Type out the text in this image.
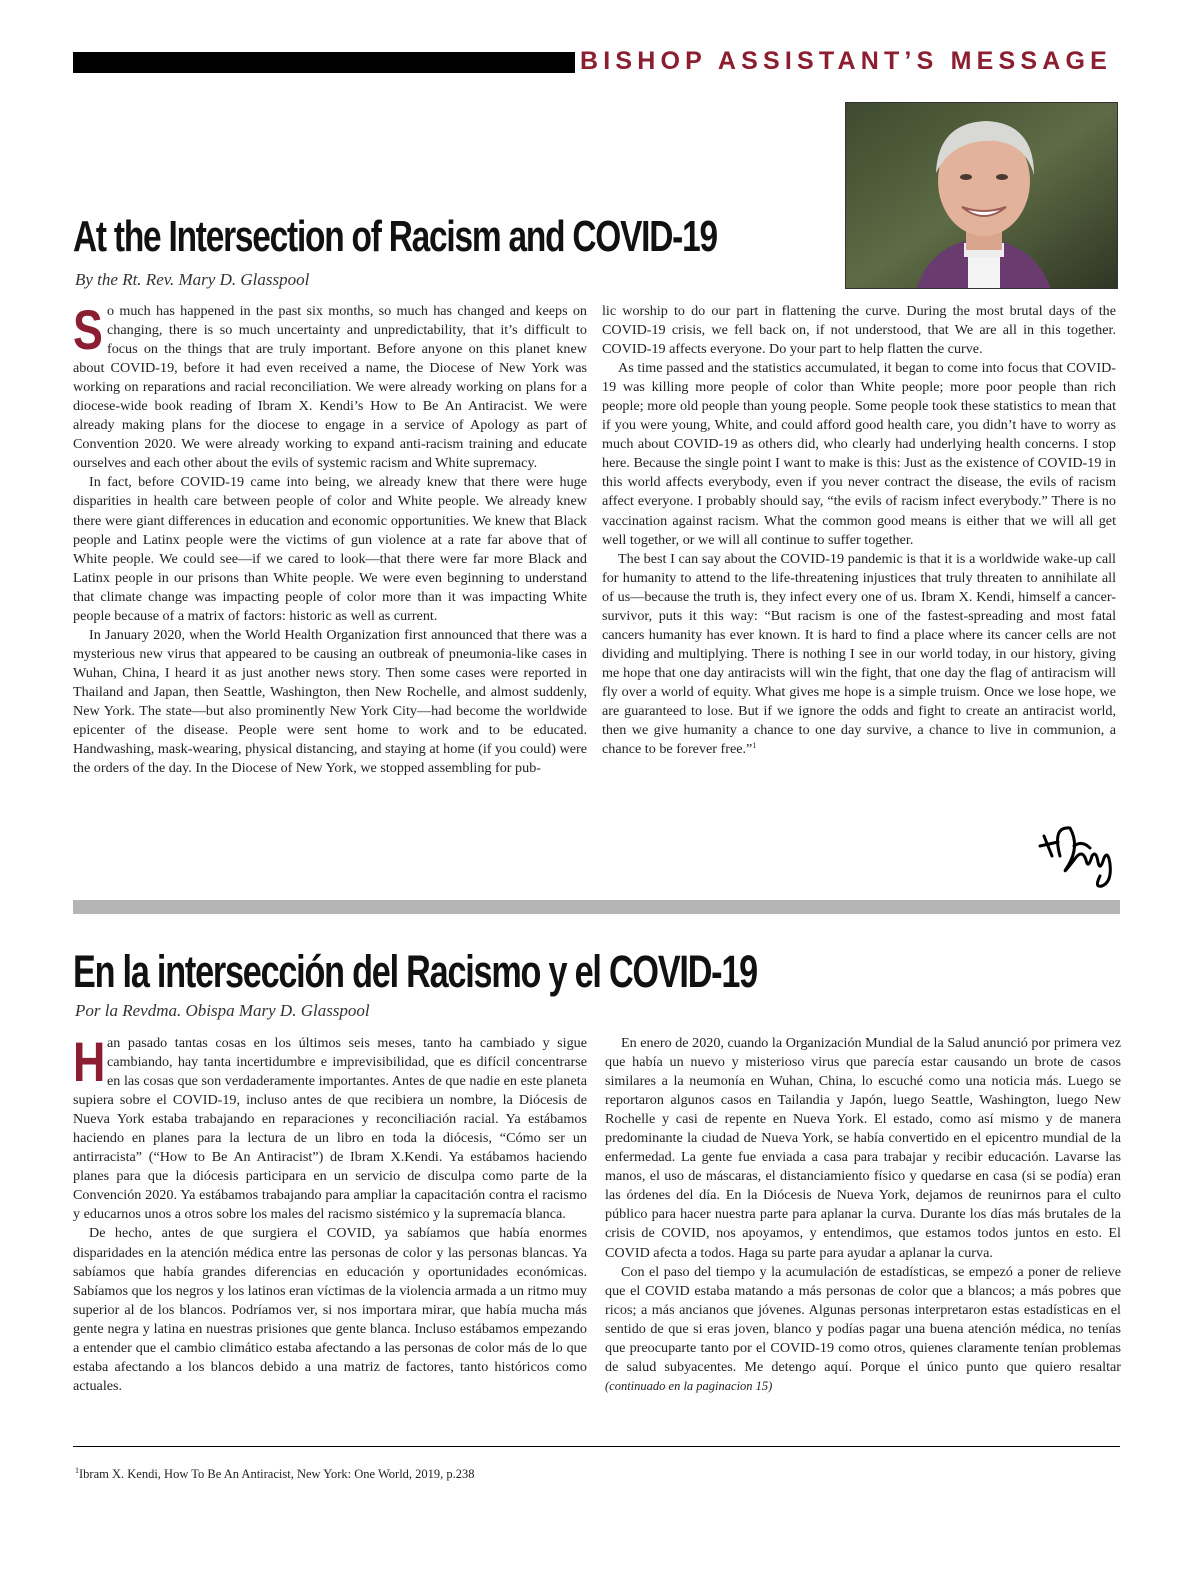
BISHOP ASSISTANT’S MESSAGE
At the Intersection of Racism and COVID-19
By the Rt. Rev. Mary D. Glasspool

So much has happened in the past six months, so much has changed and keeps on changing, there is so much uncertainty and unpredictability, that it’s difficult to focus on the things that are truly important. Before anyone on this planet knew about COVID-19, before it had even received a name, the Diocese of New York was working on reparations and racial reconciliation. We were already working on plans for a diocese-wide book reading of Ibram X. Kendi’s How to Be An Antiracist. We were already making plans for the diocese to engage in a service of Apology as part of Convention 2020. We were already working to expand anti-racism training and educate ourselves and each other about the evils of systemic racism and White supremacy.

In fact, before COVID-19 came into being, we already knew that there were huge disparities in health care between people of color and White people. We already knew there were giant differences in education and economic opportunities. We knew that Black people and Latinx people were the victims of gun violence at a rate far above that of White people. We could see—if we cared to look—that there were far more Black and Latinx people in our prisons than White people. We were even beginning to understand that climate change was impacting people of color more than it was impacting White people because of a matrix of factors: historic as well as current.

In January 2020, when the World Health Organization first announced that there was a mysterious new virus that appeared to be causing an outbreak of pneumonia-like cases in Wuhan, China, I heard it as just another news story. Then some cases were reported in Thailand and Japan, then Seattle, Washington, then New Rochelle, and almost suddenly, New York. The state—but also prominently New York City—had become the worldwide epicenter of the disease. People were sent home to work and to be educated. Handwashing, mask-wearing, physical distancing, and staying at home (if you could) were the orders of the day. In the Diocese of New York, we stopped assembling for pub-

lic worship to do our part in flattening the curve. During the most brutal days of the COVID-19 crisis, we fell back on, if not understood, that We are all in this together. COVID-19 affects everyone. Do your part to help flatten the curve.

As time passed and the statistics accumulated, it began to come into focus that COVID-19 was killing more people of color than White people; more poor people than rich people; more old people than young people. Some people took these statistics to mean that if you were young, White, and could afford good health care, you didn’t have to worry as much about COVID-19 as others did, who clearly had underlying health concerns. I stop here. Because the single point I want to make is this: Just as the existence of COVID-19 in this world affects everybody, even if you never contract the disease, the evils of racism affect everyone. I probably should say, “the evils of racism infect everybody.” There is no vaccination against racism. What the common good means is either that we will all get well together, or we will all continue to suffer together.

The best I can say about the COVID-19 pandemic is that it is a worldwide wake-up call for humanity to attend to the life-threatening injustices that truly threaten to annihilate all of us—because the truth is, they infect every one of us. Ibram X. Kendi, himself a cancer-survivor, puts it this way: “But racism is one of the fastest-spreading and most fatal cancers humanity has ever known. It is hard to find a place where its cancer cells are not dividing and multiplying. There is nothing I see in our world today, in our history, giving me hope that one day antiracists will win the fight, that one day the flag of antiracism will fly over a world of equity. What gives me hope is a simple truism. Once we lose hope, we are guaranteed to lose. But if we ignore the odds and fight to create an antiracist world, then we give humanity a chance to one day survive, a chance to live in communion, a chance to be forever free.”$^1$

En la intersección del Racismo y el COVID-19
Por la Revdma. Obispa Mary D. Glasspool

Han pasado tantas cosas en los últimos seis meses, tanto ha cambiado y sigue cambiando, hay tanta incertidumbre e imprevisibilidad, que es difícil concentrarse en las cosas que son verdaderamente importantes. Antes de que nadie en este planeta supiera sobre el COVID-19, incluso antes de que recibiera un nombre, la Diócesis de Nueva York estaba trabajando en reparaciones y reconciliación racial. Ya estábamos haciendo en planes para la lectura de un libro en toda la diócesis, “Cómo ser un antirracista” (“How to Be An Antiracist”) de Ibram X.Kendi. Ya estábamos haciendo planes para que la diócesis participara en un servicio de disculpa como parte de la Convención 2020. Ya estábamos trabajando para ampliar la capacitación contra el racismo y educarnos unos a otros sobre los males del racismo sistémico y la supremacía blanca.

De hecho, antes de que surgiera el COVID, ya sabíamos que había enormes disparidades en la atención médica entre las personas de color y las personas blancas. Ya sabíamos que había grandes diferencias en educación y oportunidades económicas. Sabíamos que los negros y los latinos eran víctimas de la violencia armada a un ritmo muy superior al de los blancos. Podríamos ver, si nos importara mirar, que había mucha más gente negra y latina en nuestras prisiones que gente blanca. Incluso estábamos empezando a entender que el cambio climático estaba afectando a las personas de color más de lo que estaba afectando a los blancos debido a una matriz de factores, tanto históricos como actuales.

En enero de 2020, cuando la Organización Mundial de la Salud anunció por primera vez que había un nuevo y misterioso virus que parecía estar causando un brote de casos similares a la neumonía en Wuhan, China, lo escuché como una noticia más. Luego se reportaron algunos casos en Tailandia y Japón, luego Seattle, Washington, luego New Rochelle y casi de repente en Nueva York. El estado, como así mismo y de manera predominante la ciudad de Nueva York, se había convertido en el epicentro mundial de la enfermedad. La gente fue enviada a casa para trabajar y recibir educación. Lavarse las manos, el uso de máscaras, el distanciamiento físico y quedarse en casa (si se podía) eran las órdenes del día. En la Diócesis de Nueva York, dejamos de reunirnos para el culto público para hacer nuestra parte para aplanar la curva. Durante los días más brutales de la crisis de COVID, nos apoyamos, y entendimos, que estamos todos juntos en esto. El COVID afecta a todos. Haga su parte para ayudar a aplanar la curva.

Con el paso del tiempo y la acumulación de estadísticas, se empezó a poner de relieve que el COVID estaba matando a más personas de color que a blancos; a más pobres que ricos; a más ancianos que jóvenes. Algunas personas interpretaron estas estadísticas en el sentido de que si eras joven, blanco y podías pagar una buena atención médica, no tenías que preocuparte tanto por el COVID-19 como otros, quienes claramente tenían problemas de salud subyacentes. Me detengo aquí. Porque el único punto que quiero resaltar (continuado en la paginacion 15)

$^1$Ibram X. Kendi, How To Be An Antiracist, New York: One World, 2019, p.238
